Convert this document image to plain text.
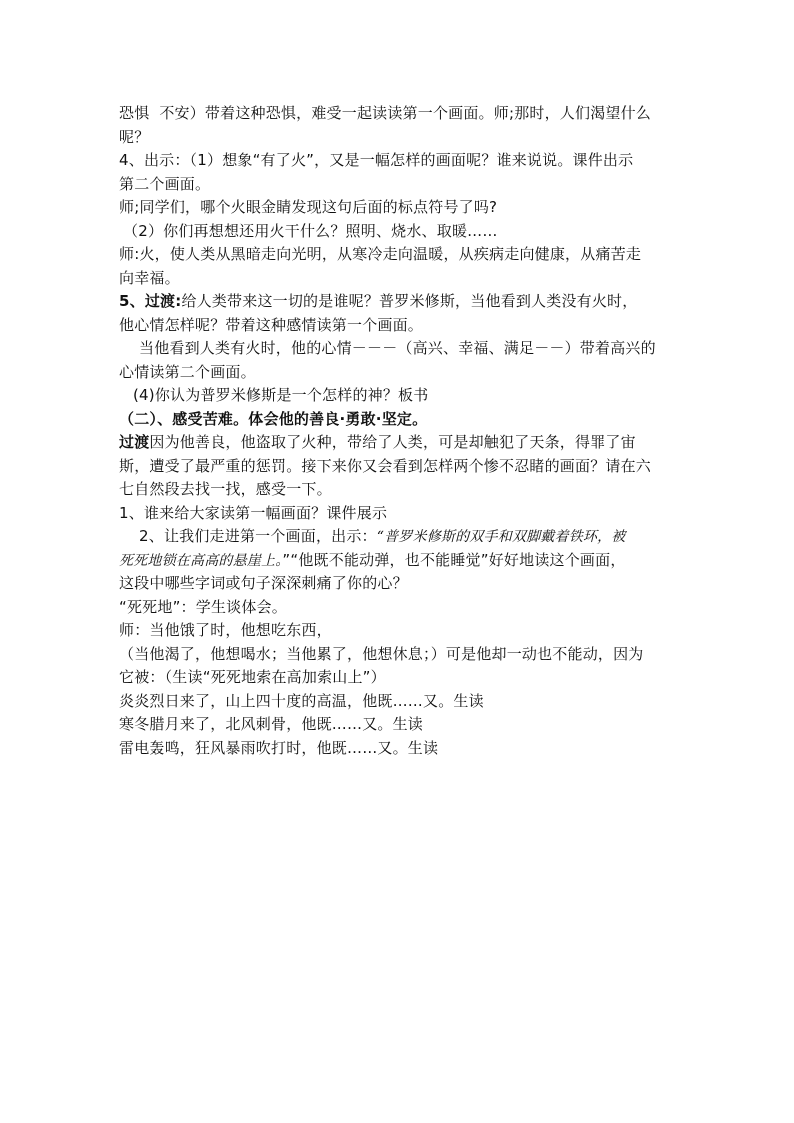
恐惧  不安）带着这种恐惧，难受一起读读第一个画面。师;那时，人们渴望什么
呢？
4、出示：（1）想象“有了火”，又是一幅怎样的画面呢？谁来说说。课件出示
第二个画面。
师;同学们，哪个火眼金睛发现这句后面的标点符号了吗?
（2）你们再想想还用火干什么？照明、烧水、取暖……
师:火，使人类从黑暗走向光明，从寒冷走向温暖，从疾病走向健康，从痛苦走
向幸福。
5、过渡:给人类带来这一切的是谁呢？普罗米修斯，当他看到人类没有火时，
他心情怎样呢？带着这种感情读第一个画面。
当他看到人类有火时，他的心情－－－（高兴、幸福、满足－－）带着高兴的
心情读第二个画面。
(4)你认为普罗米修斯是一个怎样的神？板书
（二）、感受苦难。体会他的善良·勇敢·坚定。
过渡因为他善良，他盗取了火种，带给了人类，可是却触犯了天条，得罪了宙
斯，遭受了最严重的惩罚。接下来你又会看到怎样两个惨不忍睹的画面？请在六
七自然段去找一找，感受一下。
1、谁来给大家读第一幅画面？课件展示
2、让我们走进第一个画面，出示：“普罗米修斯的双手和双脚戴着铁环，被
死死地锁在高高的悬崖上。”“他既不能动弹，也不能睡觉”好好地读这个画面，
这段中哪些字词或句子深深刺痛了你的心？
“死死地”：学生谈体会。
师：当他饿了时，他想吃东西，
（当他渴了，他想喝水；当他累了，他想休息；）可是他却一动也不能动，因为
它被：（生读“死死地索在高加索山上”）
炎炎烈日来了，山上四十度的高温，他既……又。生读
寒冬腊月来了，北风刺骨，他既……又。生读
雷电轰鸣，狂风暴雨吹打时，他既……又。生读
